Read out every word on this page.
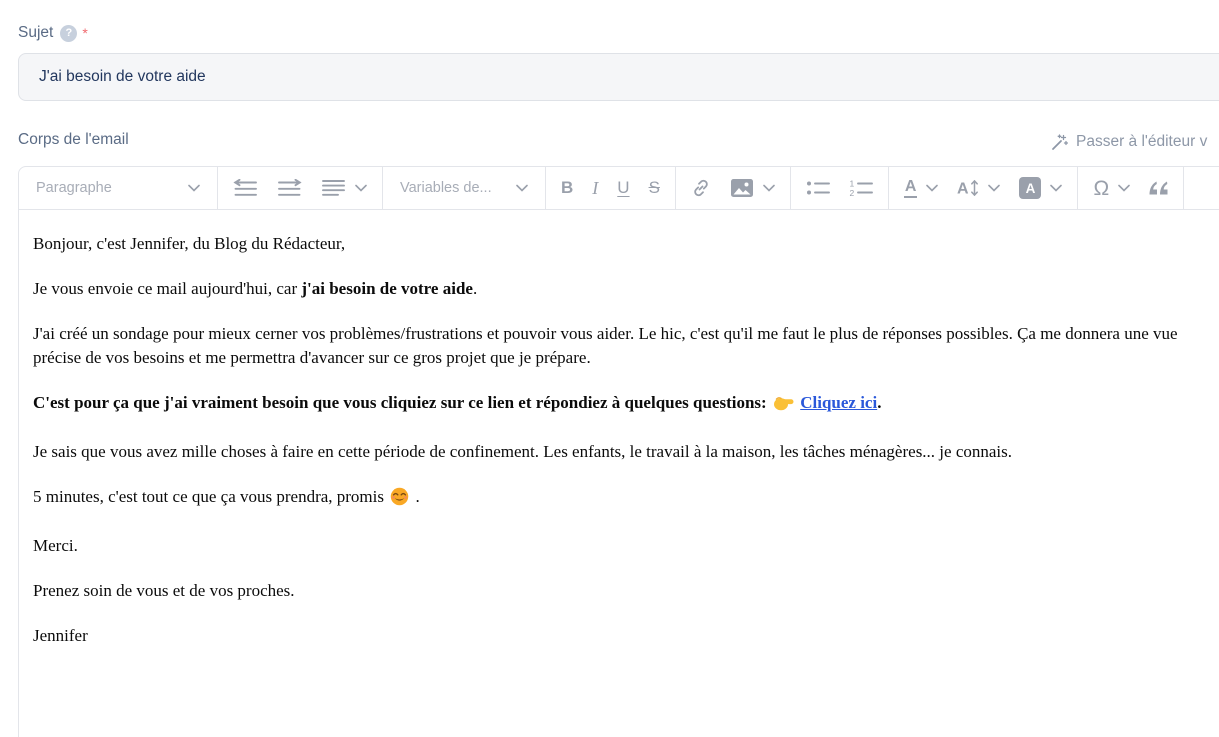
Sujet	? *
J'ai besoin de votre aide
Corps de l'email	Passer à l'éditeur v
Paragraphe	Variables de...	B I U S	1
2	A	A	A	Ω

Bonjour, c'est Jennifer, du Blog du Rédacteur,

Je vous envoie ce mail aujourd'hui, car j'ai besoin de votre aide.

J'ai créé un sondage pour mieux cerner vos problèmes/frustrations et pouvoir vous aider. Le hic, c'est qu'il me faut le plus de réponses possibles. Ça me donnera une vue précise de vos besoins et me permettra d'avancer sur ce gros projet que je prépare.

C'est pour ça que j'ai vraiment besoin que vous cliquiez sur ce lien et répondiez à quelques questions:  Cliquez ici.

Je sais que vous avez mille choses à faire en cette période de confinement. Les enfants, le travail à la maison, les tâches ménagères... je connais.

5 minutes, c'est tout ce que ça vous prendra, promis  .

Merci.

Prenez soin de vous et de vos proches.

Jennifer
